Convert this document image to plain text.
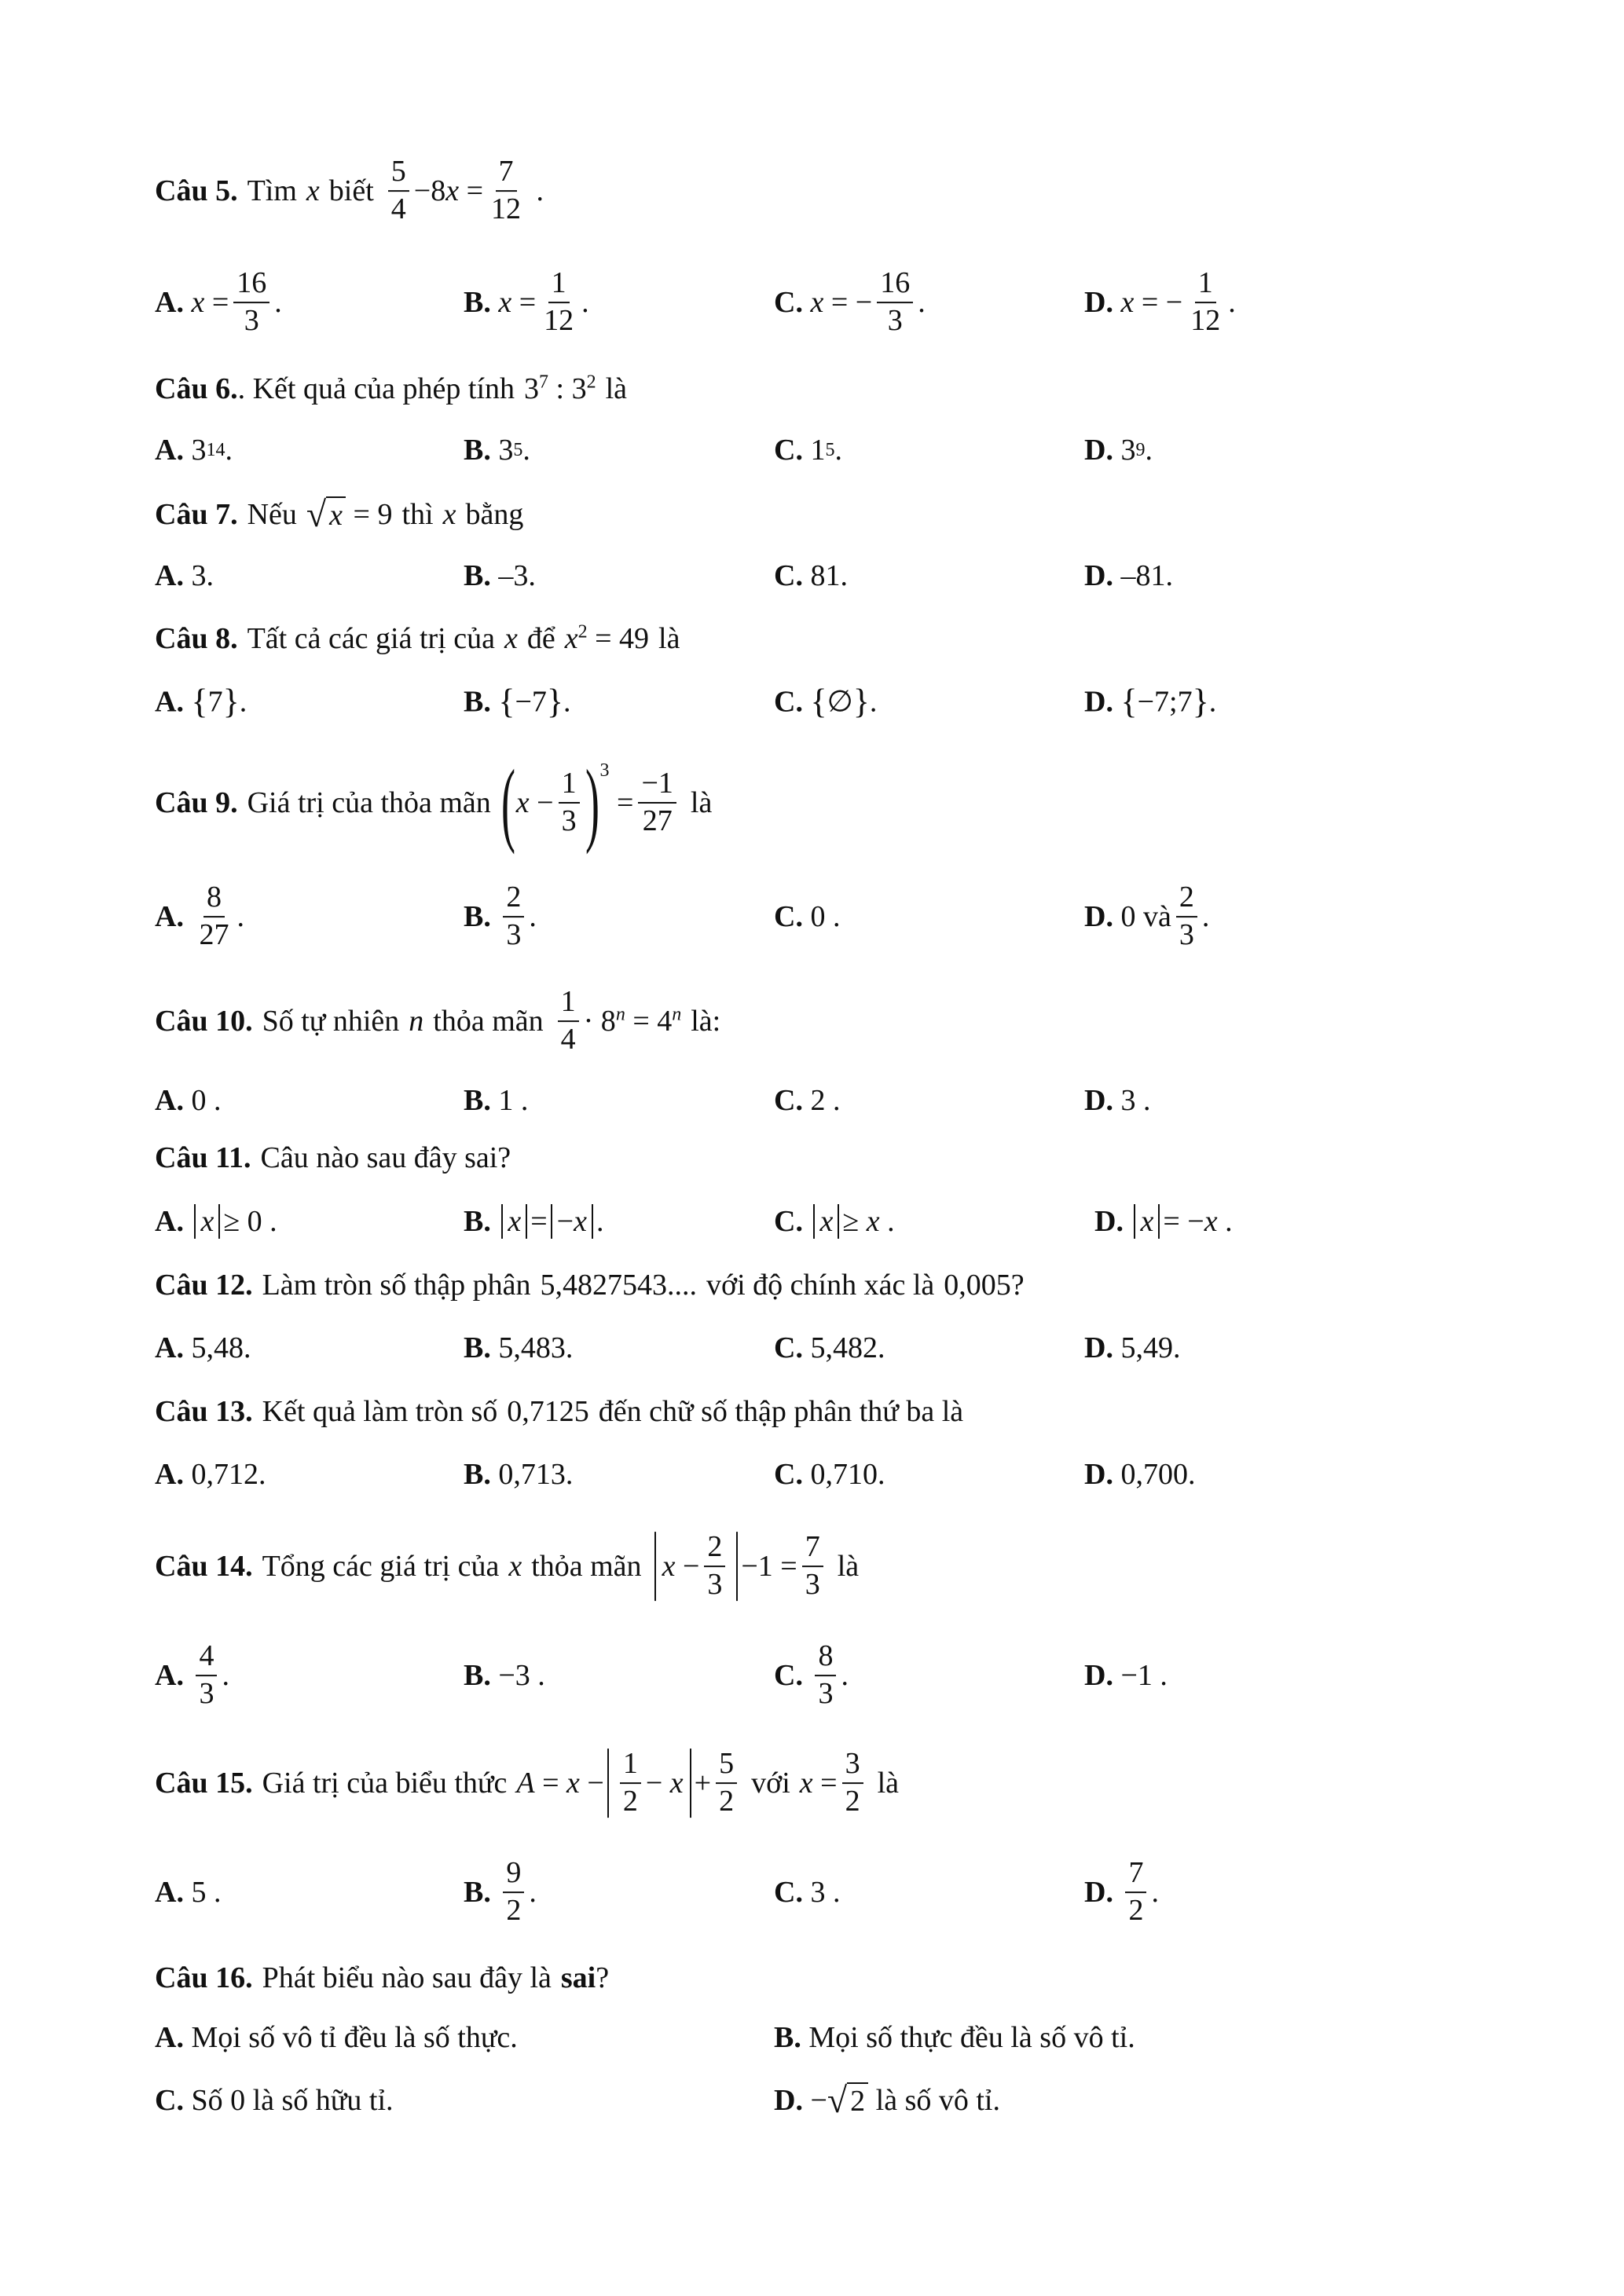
Câu 5. Tìm x biết
5
4
− 8 $x = \frac{7}{12}$ .
A.
x =
16
3
.	B.
x =
1
12
.	C.
x = −
16
3
.	D.
x = −
1
12
.
Câu 6. . Kết quả của phép tính $3^7$ : $3^2$ là
A.
3 14 .	B.
3 5 .	C.
1 5 .	D.
3 9 .
Câu 7. Nếu √ x = 9 thì x bằng
A.
3.	B.
–3.	C.
81.	D.
–81.
Câu 8. Tất cả các giá trị của x để $x^2 = 49$ là
A.
{ 7 } .	B.
{ −7 } .	C.
{ ∅ } .	D.
{ −7;7 } .
Câu 9. Giá trị của thỏa mãn ( x −
1
3 )$^3$
=
−1
27
là
A.

8
27
.	B.

2
3
.	C.
0 .	D.
0
và
2
3
.
Câu 10. Số tự nhiên n thỏa mãn
1
4
· $8^n = 4^n$ là:
A.
0 .	B.
1 .	C.
2 .	D.
3 .
Câu 11. Câu nào sau đây sai?
A.
x ≥ 0 .	B.
x = − x .	C.
x ≥ x .	D.
x = − x .
Câu 12. Làm tròn số thập phân 5,4827543.... với độ chính xác là 0,005 ?
A.
5,48.	B.
5,483.	C.
5,482.	D.
5,49.
Câu 13. Kết quả làm tròn số 0,7125 đến chữ số thập phân thứ ba là
A.
0,712.	B.
0,713.	C.
0,710.	D.
0,700.
Câu 14. Tổng các giá trị của x thỏa mãn x −
2
3
−1 =
7
3
là
A.

4
3
.	B.
−3 .	C.

8
3
.	D.
−1 .
Câu 15. Giá trị của biểu thức A = x −
1
2
− x +
5
2
với x =
3
2
là
A.
5 .	B.

9
2
.	C.
3 .	D.

7
2
.
Câu 16. Phát biểu nào sau đây là sai ?
A.
Mọi số vô tỉ đều là số thực.	B.
Mọi số thực đều là số vô tỉ.
C.
Số
0
là số hữu tỉ.	D. − √ 2
là số vô tỉ.
